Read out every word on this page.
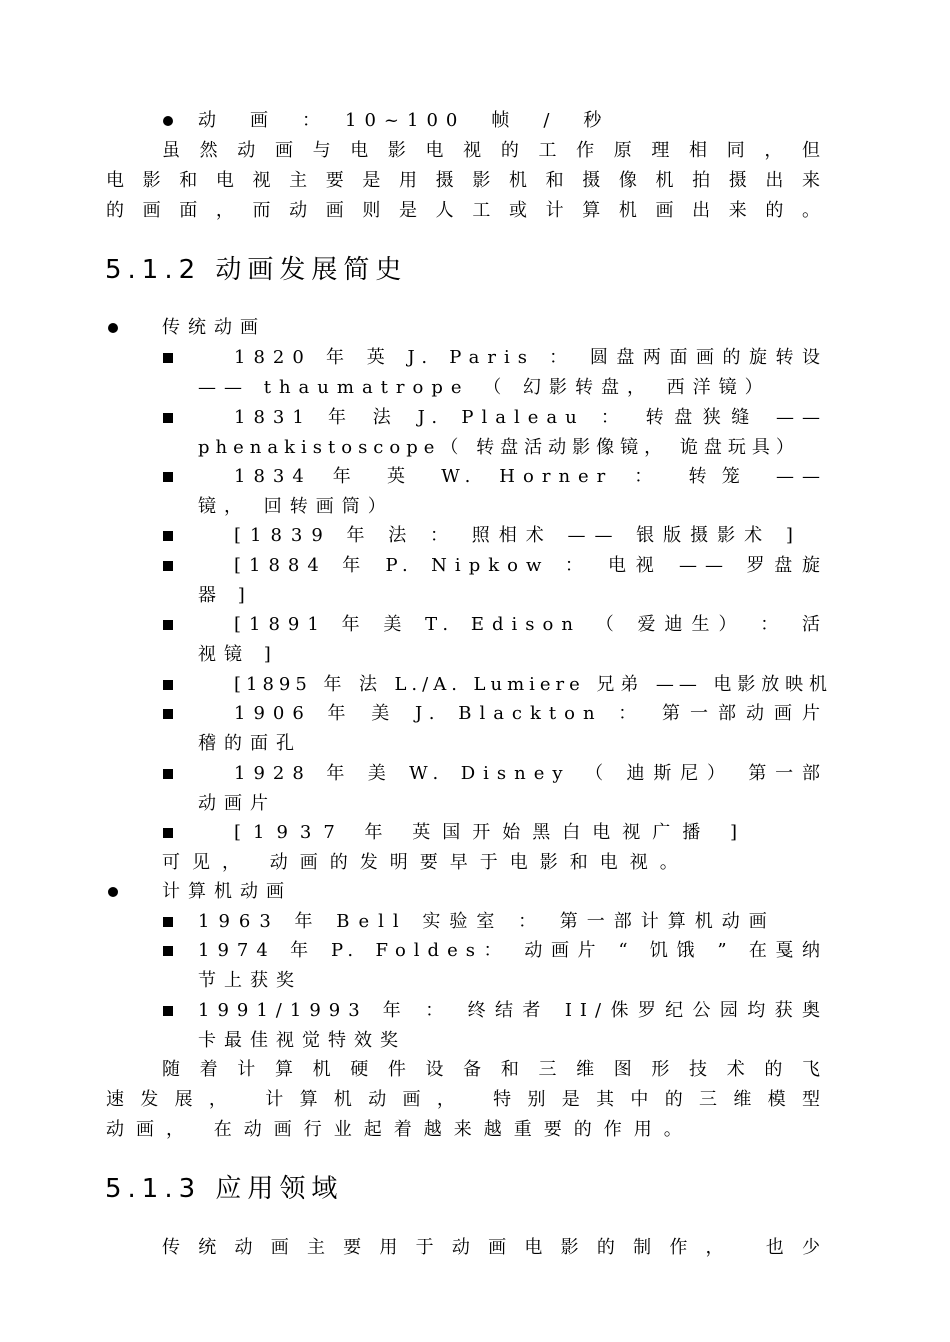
动　画　：　10~100　帧　/　秒
虽然动画与电影电视的工作原理相同，但
电影和电视主要是用摄影机和摄像机拍摄出来
的画面，而动画则是人工或计算机画出来的。
5.1.2 动画发展简史
传统动画
1820 年 英 J. Paris ： 圆盘两面画的旋转设
—— thaumatrope （ 幻影转盘， 西洋镜）
1831 年 法 J. Plaleau ： 转盘狭缝 ——
phenakistoscope（ 转盘活动影像镜， 诡盘玩具）
1834 年 英 W. Horner ： 转笼 ——
镜， 回转画筒）
[1839 年 法 ： 照相术 —— 银版摄影术 ]
[1884 年 P. Nipkow ： 电视 —— 罗盘旋
器 ]
[1891 年 美 T. Edison （ 爱迪生） ： 活
视镜 ]
[1895 年 法 L./A. Lumiere 兄弟 —— 电影放映机
1906 年 美 J. Blackton ： 第一部动画片
稽的面孔
1928 年 美 W. Disney （ 迪斯尼） 第一部
动画片
[1937 年 英国开始黑白电视广播 ]
可见， 动画的发明要早于电影和电视。
计算机动画
1963 年 Bell 实验室 ： 第一部计算机动画
1974 年 P. Foldes： 动画片 “ 饥饿 ” 在戛纳
节上获奖
1991/1993 年 ： 终结者 II/侏罗纪公园均获奥
卡最佳视觉特效奖
随着计算机硬件设备和三维图形技术的飞
速发展， 计算机动画， 特别是其中的三维模型
动画， 在动画行业起着越来越重要的作用。
5.1.3 应用领域
传统动画主要用于动画电影的制作， 也少
